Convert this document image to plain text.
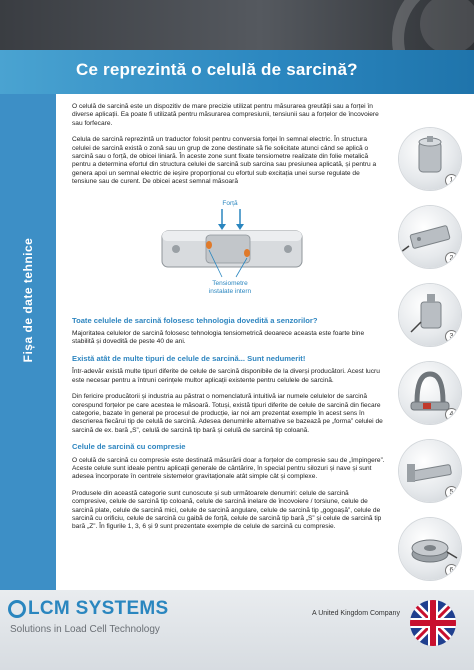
Ce reprezintă o celulă de sarcină?
Fișa de date tehnice

O celulă de sarcină este un dispozitiv de mare precizie utilizat pentru măsurarea greutății sau a forței în diverse aplicații. Ea poate fi utilizată pentru măsurarea compresiunii, tensiunii sau a forțelor de încovoiere sau forfecare.

Celula de sarcină reprezintă un traductor folosit pentru conversia forței în semnal electric. În structura celulei de sarcină există o zonă sau un grup de zone destinate să fie solicitate atunci când se aplică o sarcină sau o forță, de obicei liniară. În aceste zone sunt fixate tensiometre realizate din folie metalică pentru a determina efortul din structura celulei de sarcină sub sarcina sau presiunea aplicată, și pentru a genera apoi un semnal electric de ieșire proporțional cu efortul sub excitația unei surse regulate de tensiune sau de curent. De obicei acest semnal măsoară

Forță
Tensiometre
instalate intern
Toate celulele de sarcină folosesc tehnologia dovedită a senzorilor?

Majoritatea celulelor de sarcină folosesc tehnologia tensiometrică deoarece aceasta este foarte bine stabilită și dovedită de peste 40 de ani.

Există atât de multe tipuri de celule de sarcină... Sunt nedumerit!

Într-adevăr există multe tipuri diferite de celule de sarcină disponibile de la diverși producători. Acest lucru este necesar pentru a întruni cerințele multor aplicații existente pentru celulele de sarcină.

Din fericire producătorii și industria au păstrat o nomenclatură intuitivă iar numele celulelor de sarcină corespund forțelor pe care acestea le măsoară. Totuși, există tipuri diferite de celule de sarcină din fiecare categorie, bazate în general pe procesul de producție, iar noi am prezentat exemple în acest sens în descrierea fiecărui tip de celulă de sarcină. Adesea denumirile alternative se bazează pe „forma” celulei de sarcină de ex. bară „S”, celulă de sarcină tip bară și celulă de sarcină tip coloană.

Celule de sarcină cu compresie

O celulă de sarcină cu compresie este destinată măsurării doar a forțelor de compresie sau de „împingere”. Aceste celule sunt ideale pentru aplicații generale de cântărire, în special pentru silozuri și nave și sunt adesea încorporate în centrele sistemelor gravitaționale atât simple cât și complexe.

Produsele din această categorie sunt cunoscute și sub următoarele denumiri: celule de sarcină compresive, celule de sarcină tip coloană, celule de sarcină inelare de încovoiere / torsiune, celule de sarcină plate, celule de sarcină mici, celule de sarcină angulare, celule de sarcină tip „gogoașă”, celule de sarcină cu orificiu, celule de sarcină cu gaibă de forță, celule de sarcină tip bară „S” și celule de sarcină tip bară „Z”. În figurile 1, 3, 6 și 9 sunt prezentate exemple de celule de sarcină cu compresie.

1
2
3
4
5
6
LCM SYSTEMS
Solutions in Load Cell Technology
A United Kingdom Company
